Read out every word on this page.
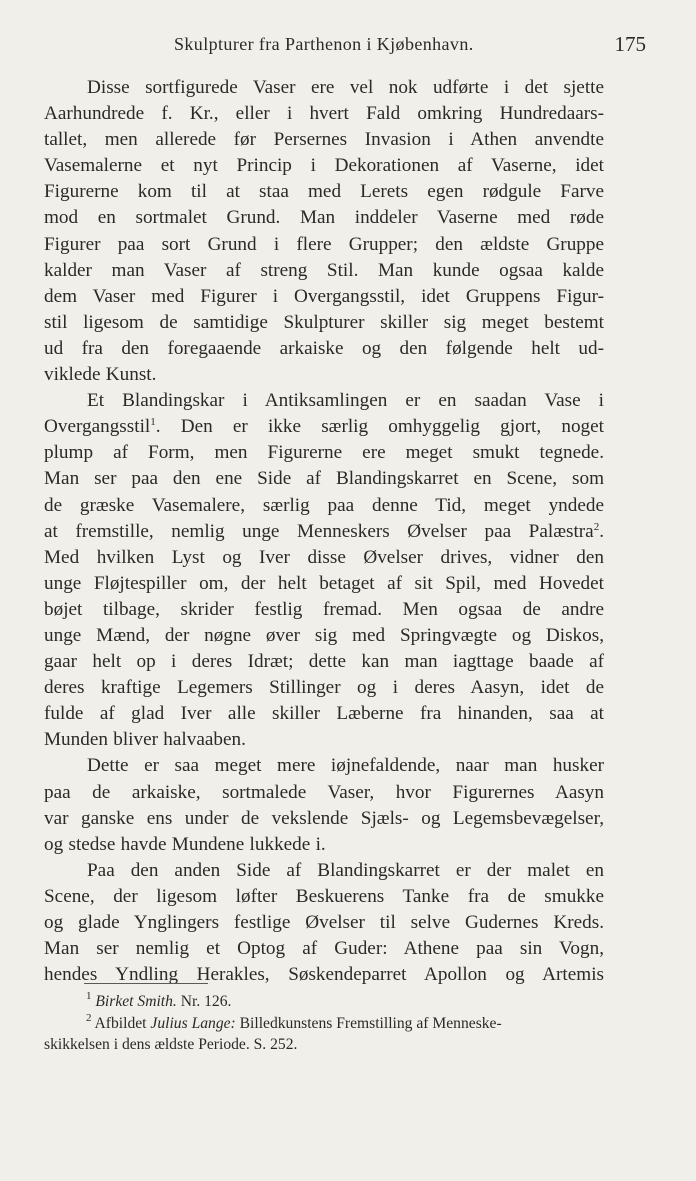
Skulpturer fra Parthenon i Kjøbenhavn.	175
Disse sortfigurede Vaser ere vel nok udførte i det sjette
Aarhundrede f. Kr., eller i hvert Fald omkring Hundredaars-
tallet, men allerede før Persernes Invasion i Athen anvendte
Vasemalerne et nyt Princip i Dekorationen af Vaserne, idet
Figurerne kom til at staa med Lerets egen rødgule Farve
mod en sortmalet Grund. Man inddeler Vaserne med røde
Figurer paa sort Grund i flere Grupper; den ældste Gruppe
kalder man Vaser af streng Stil. Man kunde ogsaa kalde
dem Vaser med Figurer i Overgangsstil, idet Gruppens Figur-
stil ligesom de samtidige Skulpturer skiller sig meget bestemt
ud fra den foregaaende arkaiske og den følgende helt ud-
viklede Kunst.
Et Blandingskar i Antiksamlingen er en saadan Vase i
Overgangsstil$^1$. Den er ikke særlig omhyggelig gjort, noget
plump af Form, men Figurerne ere meget smukt tegnede.
Man ser paa den ene Side af Blandingskarret en Scene, som
de græske Vasemalere, særlig paa denne Tid, meget yndede
at fremstille, nemlig unge Menneskers Øvelser paa Palæstra$^2$.
Med hvilken Lyst og Iver disse Øvelser drives, vidner den
unge Fløjtespiller om, der helt betaget af sit Spil, med Hovedet
bøjet tilbage, skrider festlig fremad. Men ogsaa de andre
unge Mænd, der nøgne øver sig med Springvægte og Diskos,
gaar helt op i deres Idræt; dette kan man iagttage baade af
deres kraftige Legemers Stillinger og i deres Aasyn, idet de
fulde af glad Iver alle skiller Læberne fra hinanden, saa at
Munden bliver halvaaben.
Dette er saa meget mere iøjnefaldende, naar man husker
paa de arkaiske, sortmalede Vaser, hvor Figurernes Aasyn
var ganske ens under de vekslende Sjæls- og Legemsbevægelser,
og stedse havde Mundene lukkede i.
Paa den anden Side af Blandingskarret er der malet en
Scene, der ligesom løfter Beskuerens Tanke fra de smukke
og glade Ynglingers festlige Øvelser til selve Gudernes Kreds.
Man ser nemlig et Optog af Guder: Athene paa sin Vogn,
hendes Yndling Herakles, Søskendeparret Apollon og Artemis
$^1$ Birket Smith. Nr. 126.
$^2$ Afbildet Julius Lange: Billedkunstens Fremstilling af Menneske-
skikkelsen i dens ældste Periode. S. 252.
